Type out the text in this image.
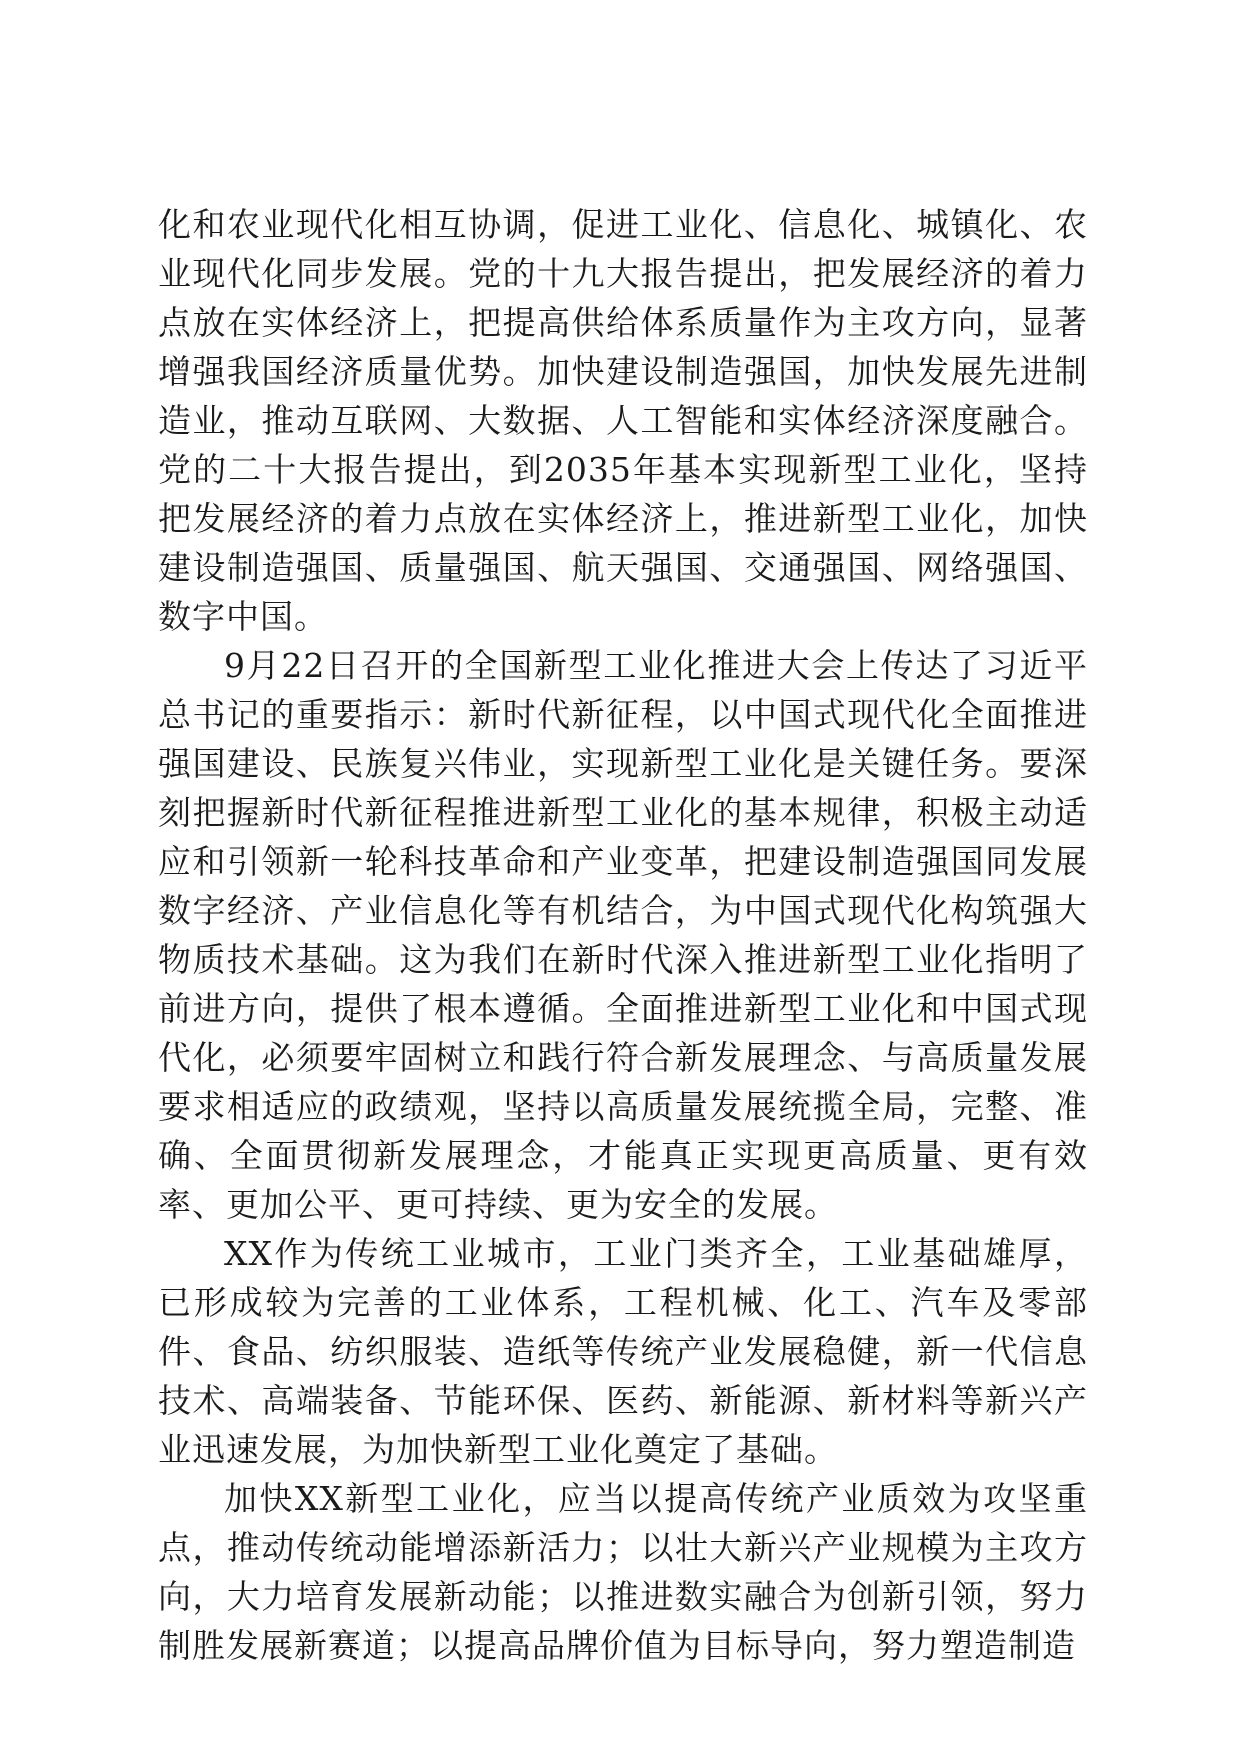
化和农业现代化相互协调，促进工业化、信息化、城镇化、农业现代化同步发展。党的十九大报告提出，把发展经济的着力点放在实体经济上，把提高供给体系质量作为主攻方向，显著增强我国经济质量优势。加快建设制造强国，加快发展先进制造业，推动互联网、大数据、人工智能和实体经济深度融合。党的二十大报告提出，到2035年基本实现新型工业化，坚持把发展经济的着力点放在实体经济上，推进新型工业化，加快建设制造强国、质量强国、航天强国、交通强国、网络强国、数字中国。

9月22日召开的全国新型工业化推进大会上传达了习近平总书记的重要指示：新时代新征程，以中国式现代化全面推进强国建设、民族复兴伟业，实现新型工业化是关键任务。要深刻把握新时代新征程推进新型工业化的基本规律，积极主动适应和引领新一轮科技革命和产业变革，把建设制造强国同发展数字经济、产业信息化等有机结合，为中国式现代化构筑强大物质技术基础。这为我们在新时代深入推进新型工业化指明了前进方向，提供了根本遵循。全面推进新型工业化和中国式现代化，必须要牢固树立和践行符合新发展理念、与高质量发展要求相适应的政绩观，坚持以高质量发展统揽全局，完整、准确、全面贯彻新发展理念，才能真正实现更高质量、更有效率、更加公平、更可持续、更为安全的发展。

XX作为传统工业城市，工业门类齐全，工业基础雄厚，已形成较为完善的工业体系，工程机械、化工、汽车及零部件、食品、纺织服装、造纸等传统产业发展稳健，新一代信息技术、高端装备、节能环保、医药、新能源、新材料等新兴产业迅速发展，为加快新型工业化奠定了基础。

加快XX新型工业化，应当以提高传统产业质效为攻坚重点，推动传统动能增添新活力；以壮大新兴产业规模为主攻方向，大力培育发展新动能；以推进数实融合为创新引领，努力制胜发展新赛道；以提高品牌价值为目标导向，努力塑造制造
